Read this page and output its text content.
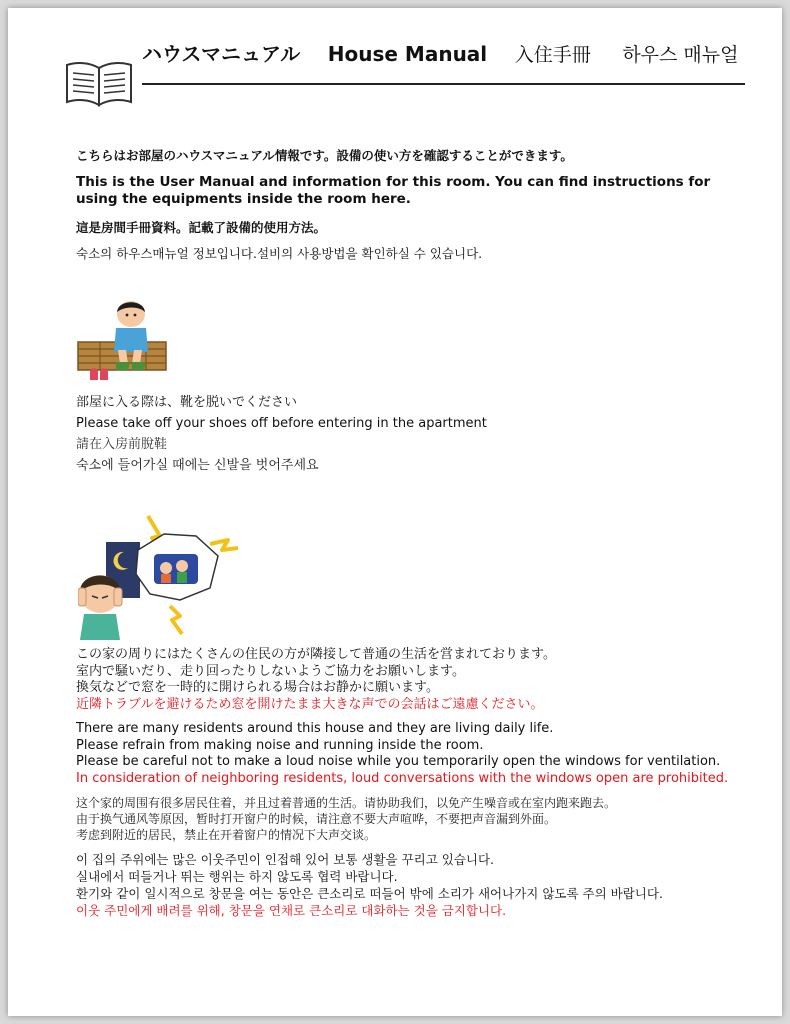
ハウスマニュアル House Manual 入住手冊 하우스 매뉴얼

こちらはお部屋のハウスマニュアル情報です。設備の使い方を確認することができます。

This is the User Manual and information for this room. You can find instructions for using the equipments inside the room here.

這是房間手冊資料。記載了設備的使用方法。

숙소의 하우스매뉴얼 정보입니다.설비의 사용방법을 확인하실 수 있습니다.

部屋に入る際は、靴を脱いでください

Please take off your shoes off before entering in the apartment

請在入房前脫鞋

숙소에 들어가실 때에는 신발을 벗어주세요

この家の周りにはたくさんの住民の方が隣接して普通の生活を営まれております。

室内で騒いだり、走り回ったりしないようご協力をお願いします。

換気などで窓を一時的に開けられる場合はお静かに願います。

近隣トラブルを避けるため窓を開けたまま大きな声での会話はご遠慮ください。

There are many residents around this house and they are living daily life.

Please refrain from making noise and running inside the room.

Please be careful not to make a loud noise while you temporarily open the windows for ventilation.

In consideration of neighboring residents, loud conversations with the windows open are prohibited.

这个家的周围有很多居民住着，并且过着普通的生活。请协助我们，以免产生噪音或在室内跑来跑去。

由于换气通风等原因，暂时打开窗户的时候，请注意不要大声喧哗，不要把声音漏到外面。

考虑到附近的居民，禁止在开着窗户的情况下大声交谈。

이 집의 주위에는 많은 이웃주민이 인접해 있어 보통 생활을 꾸리고 있습니다.

실내에서 떠들거나 뛰는 행위는 하지 않도록 협력 바랍니다.

환기와 같이 일시적으로 창문을 여는 동안은 큰소리로 떠들어 밖에 소리가 새어나가지 않도록 주의 바랍니다.

이웃 주민에게 배려를 위해, 창문을 연채로 큰소리로 대화하는 것을 금지합니다.
